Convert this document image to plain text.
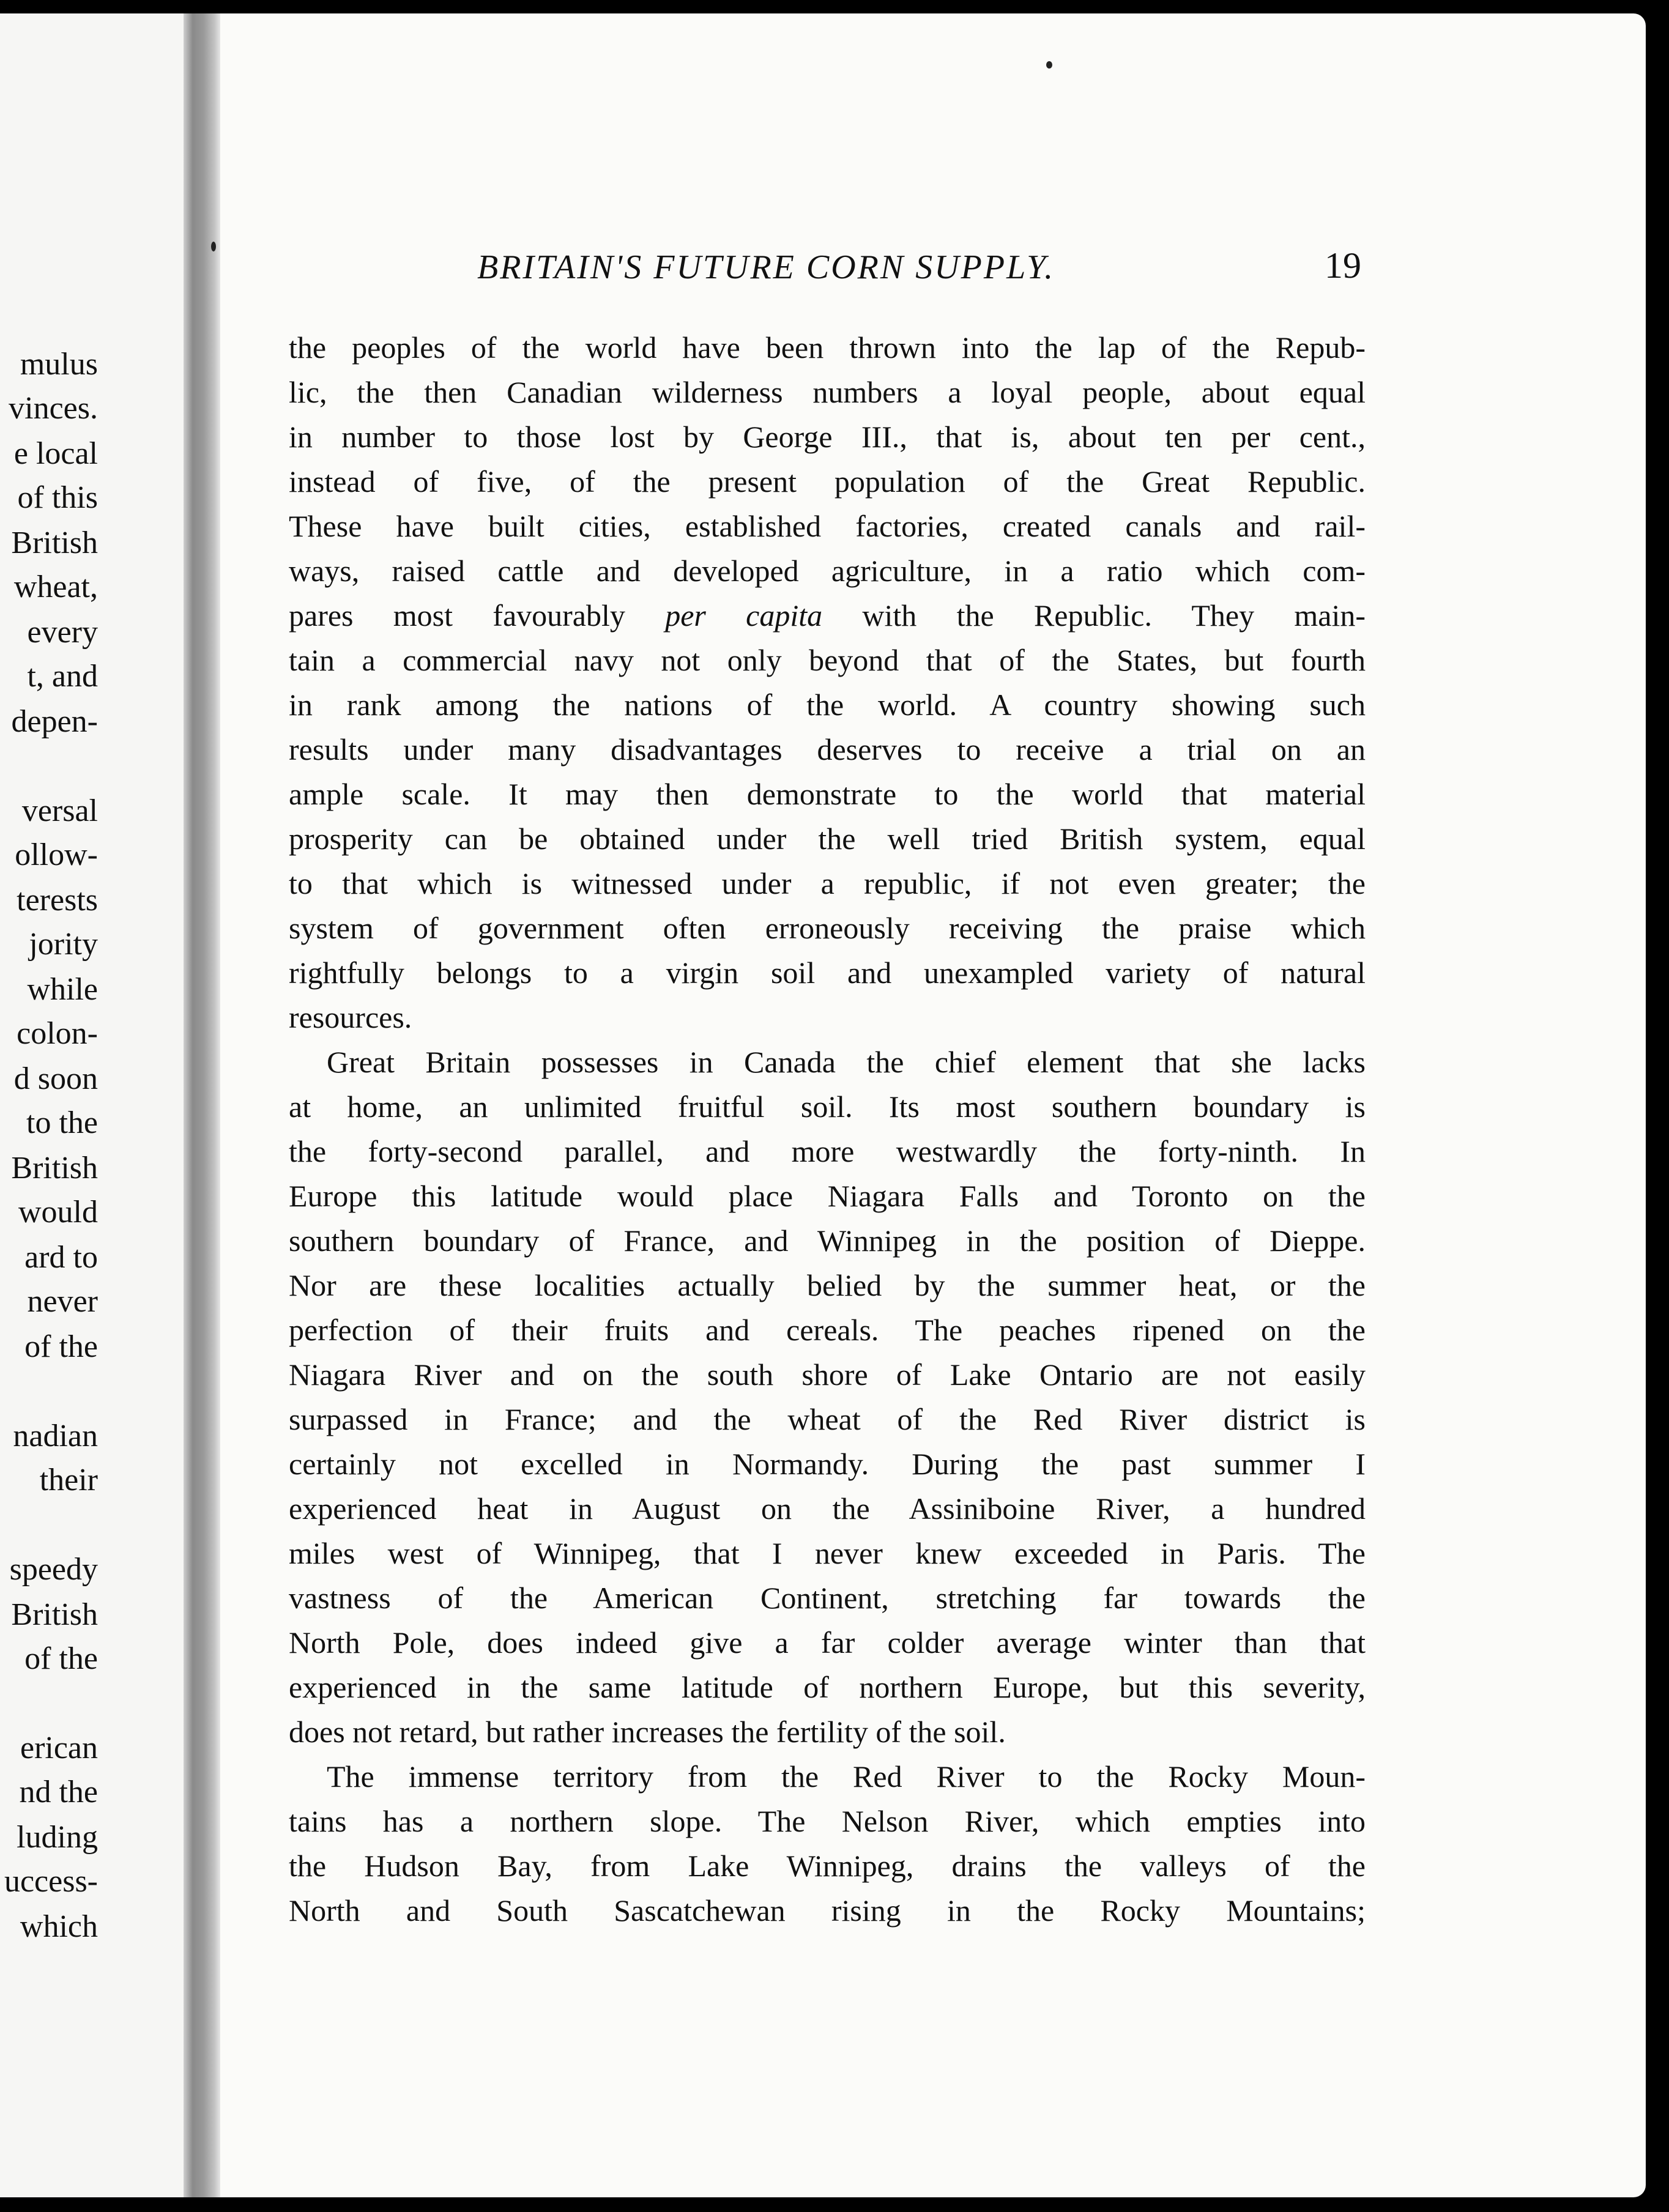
mulus
vinces.
e local
of this
British
wheat,
every
t, and
depen-
versal
ollow-
terests
jority
while
colon-
d soon
to the
British
would
ard to
never
of the
nadian
their
speedy
British
of the
erican
nd the
luding
uccess-
which
BRITAIN'S FUTURE CORN SUPPLY.	19
the peoples of the world have been thrown into the lap of the Repub-
lic, the then Canadian wilderness numbers a loyal people, about equal
in number to those lost by George III., that is, about ten per cent.,
instead of five, of the present population of the Great Republic.
These have built cities, established factories, created canals and rail-
ways, raised cattle and developed agriculture, in a ratio which com-
pares most favourably per capita with the Republic. They main-
tain a commercial navy not only beyond that of the States, but fourth
in rank among the nations of the world. A country showing such
results under many disadvantages deserves to receive a trial on an
ample scale. It may then demonstrate to the world that material
prosperity can be obtained under the well tried British system, equal
to that which is witnessed under a republic, if not even greater; the
system of government often erroneously receiving the praise which
rightfully belongs to a virgin soil and unexampled variety of natural
resources.
Great Britain possesses in Canada the chief element that she lacks
at home, an unlimited fruitful soil. Its most southern boundary is
the forty-second parallel, and more westwardly the forty-ninth. In
Europe this latitude would place Niagara Falls and Toronto on the
southern boundary of France, and Winnipeg in the position of Dieppe.
Nor are these localities actually belied by the summer heat, or the
perfection of their fruits and cereals. The peaches ripened on the
Niagara River and on the south shore of Lake Ontario are not easily
surpassed in France; and the wheat of the Red River district is
certainly not excelled in Normandy. During the past summer I
experienced heat in August on the Assiniboine River, a hundred
miles west of Winnipeg, that I never knew exceeded in Paris. The
vastness of the American Continent, stretching far towards the
North Pole, does indeed give a far colder average winter than that
experienced in the same latitude of northern Europe, but this severity,
does not retard, but rather increases the fertility of the soil.
The immense territory from the Red River to the Rocky Moun-
tains has a northern slope. The Nelson River, which empties into
the Hudson Bay, from Lake Winnipeg, drains the valleys of the
North and South Sascatchewan rising in the Rocky Mountains;
